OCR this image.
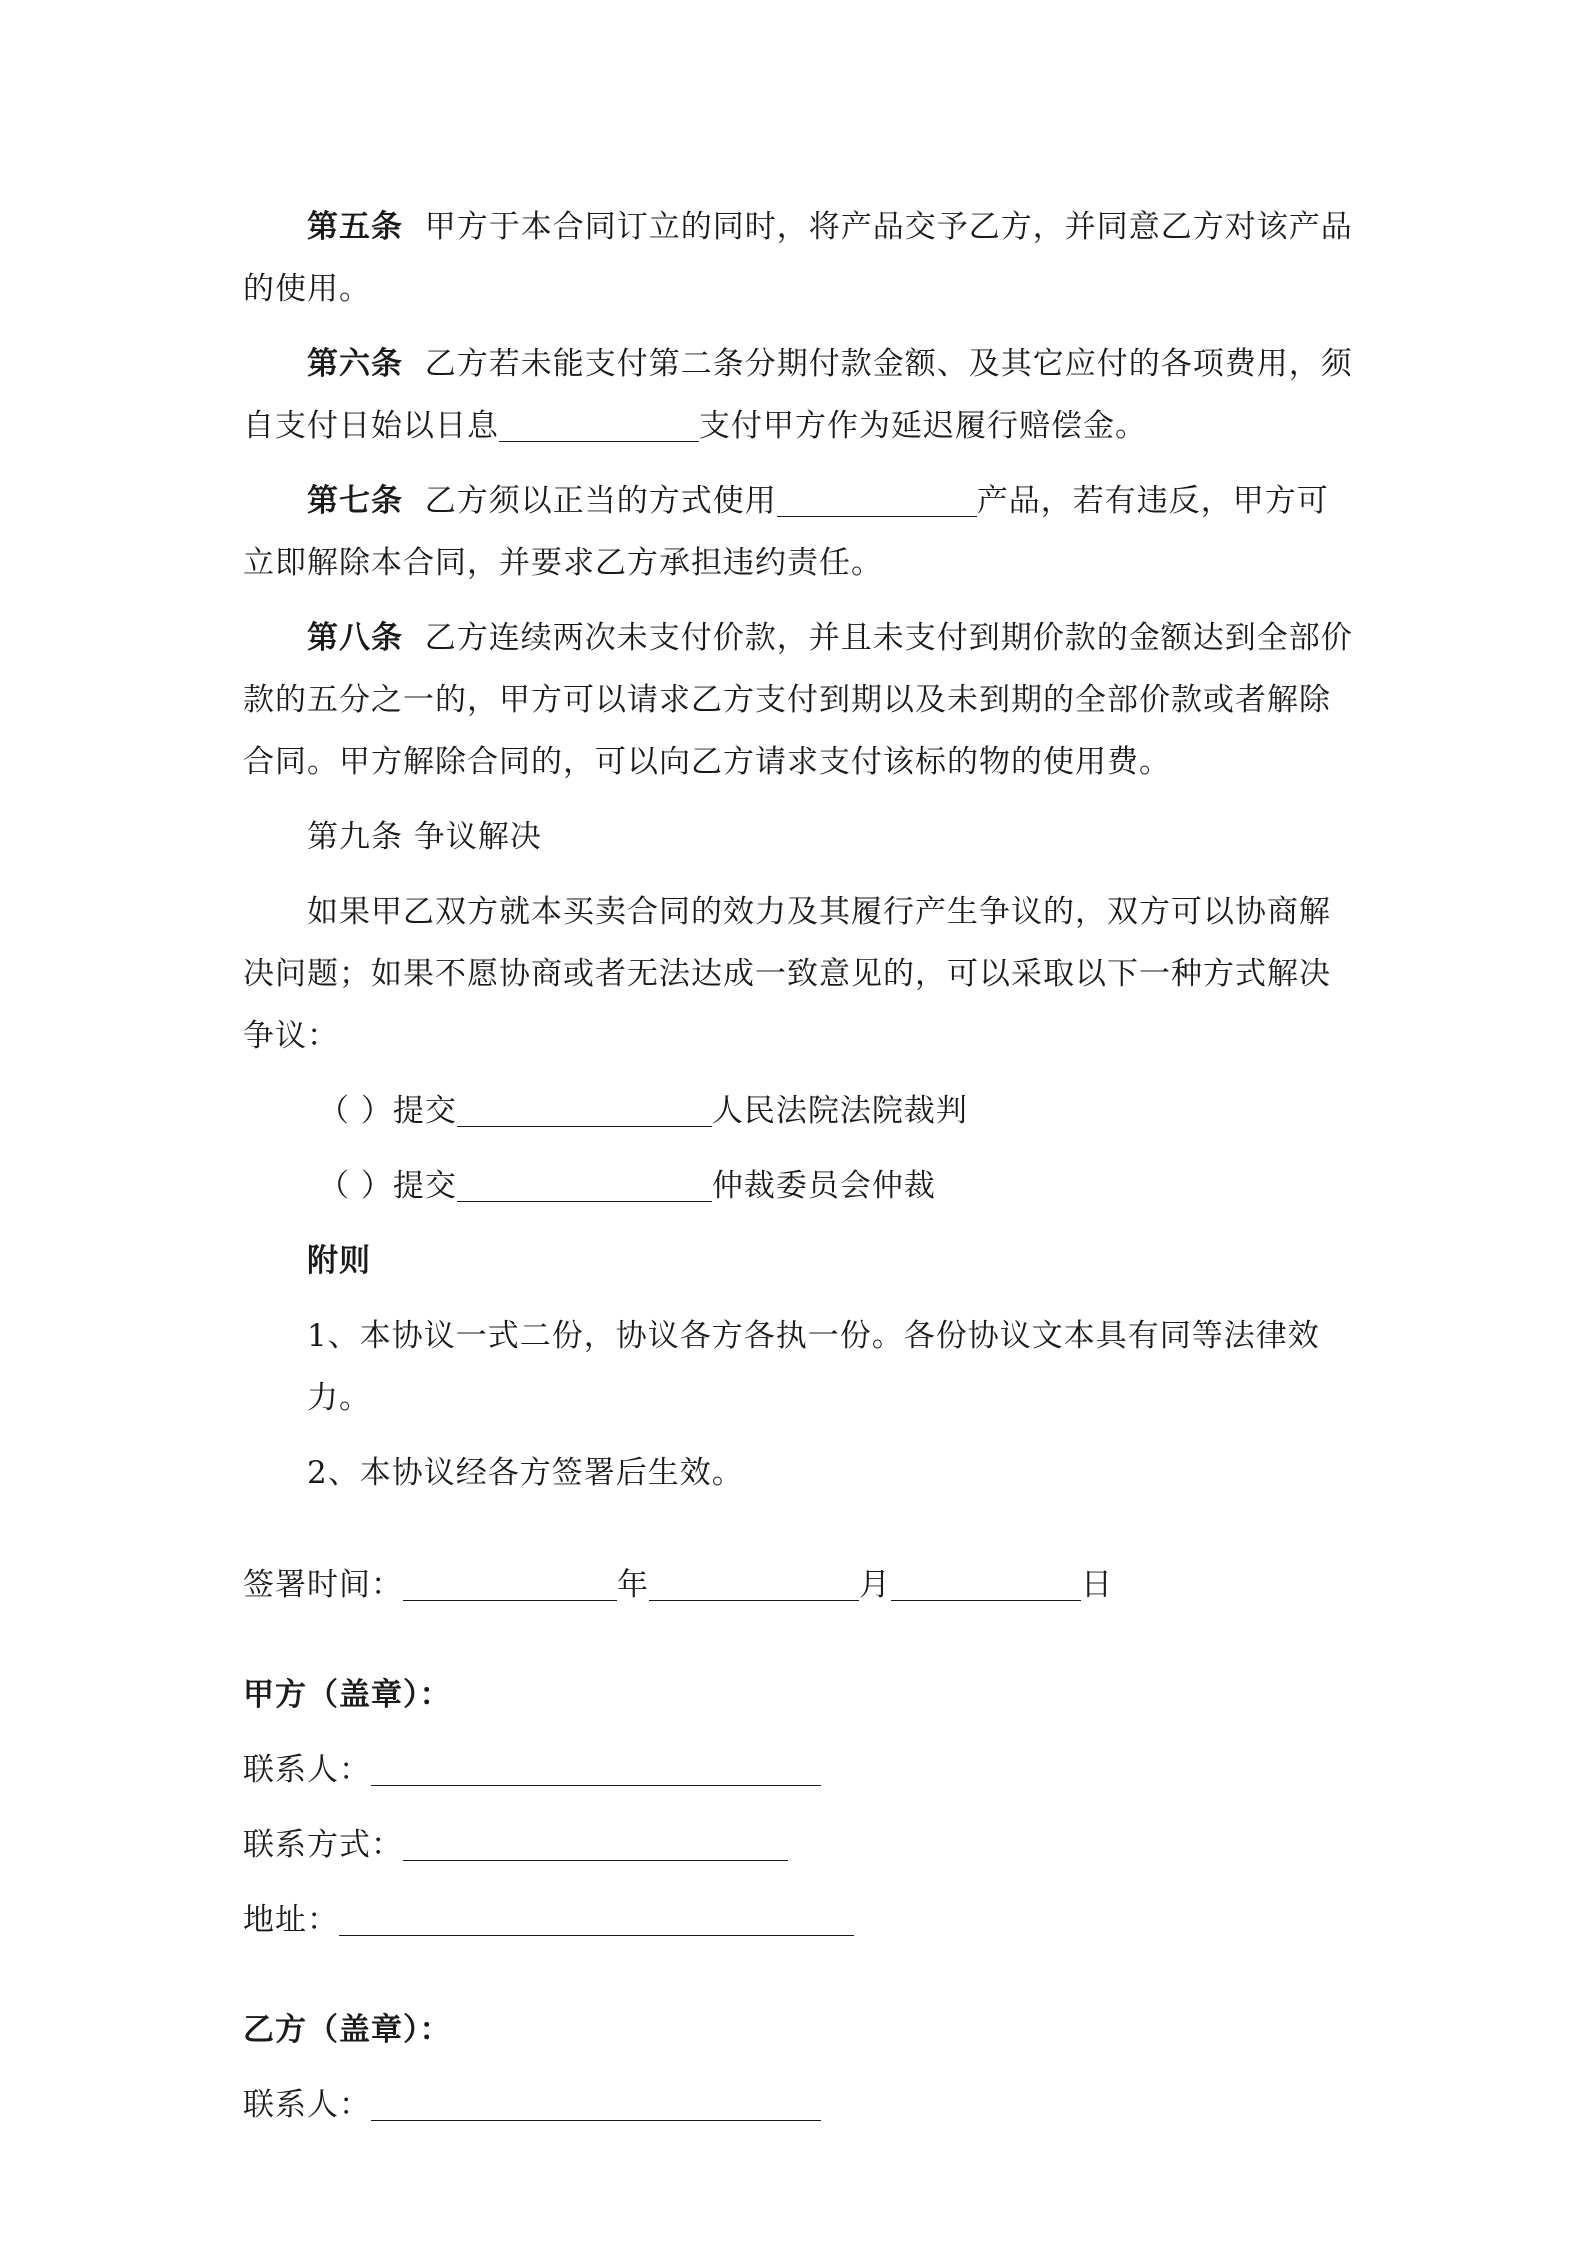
第五条 甲方于本合同订立的同时，将产品交予乙方，并同意乙方对该产品的使用。

第六条 乙方若未能支付第二条分期付款金额、及其它应付的各项费用，须自支付日始以日息	支付甲方作为延迟履行赔偿金。

第七条 乙方须以正当的方式使用	产品，若有违反，甲方可立即解除本合同，并要求乙方承担违约责任。

第八条 乙方连续两次未支付价款，并且未支付到期价款的金额达到全部价款的五分之一的，甲方可以请求乙方支付到期以及未到期的全部价款或者解除合同。甲方解除合同的，可以向乙方请求支付该标的物的使用费。

第九条 争议解决

如果甲乙双方就本买卖合同的效力及其履行产生争议的，双方可以协商解决问题；如果不愿协商或者无法达成一致意见的，可以采取以下一种方式解决争议：

（ ）提交	人民法院法院裁判

（ ）提交	仲裁委员会仲裁

附则

1、本协议一式二份，协议各方各执一份。各份协议文本具有同等法律效力。

2、本协议经各方签署后生效。

签署时间：	年	月	日

甲方（盖章）：

联系人：

联系方式：

地址：

乙方（盖章）：

联系人：
